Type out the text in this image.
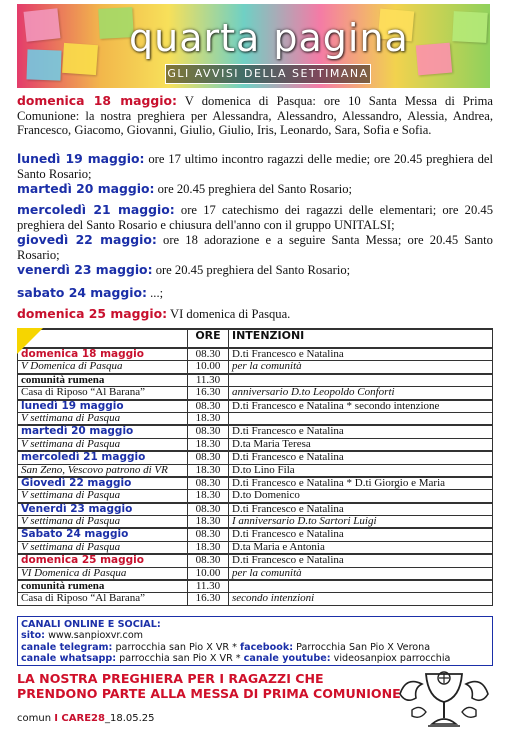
quarta pagina
GLI AVVISI DELLA SETTIMANA
domenica 18 maggio: V domenica di Pasqua: ore 10 Santa Messa di Prima Comunione: la nostra preghiera per Alessandra, Alessandro, Alessandro, Alessia, Andrea, Francesco, Giacomo, Giovanni, Giulio, Giulio, Iris, Leonardo, Sara, Sofia e Sofia.
lunedì 19 maggio: ore 17 ultimo incontro ragazzi delle medie; ore 20.45 preghiera del Santo Rosario;
martedì 20 maggio: ore 20.45 preghiera del Santo Rosario;
mercoledì 21 maggio: ore 17 catechismo dei ragazzi delle elementari; ore 20.45 preghiera del Santo Rosario e chiusura dell'anno con il gruppo UNITALSI;
giovedì 22 maggio: ore 18 adorazione e a seguire Santa Messa; ore 20.45 Santo Rosario;
venerdì 23 maggio: ore 20.45 preghiera del Santo Rosario;
sabato 24 maggio: ...;
domenica 25 maggio: VI domenica di Pasqua.
	ORE	INTENZIONI
domenica 18 maggio	08.30	D.ti Francesco e Natalina
V Domenica di Pasqua	10.00	per la comunità
comunità rumena	11.30	
Casa di Riposo “Al Barana”	16.30	anniversario D.to Leopoldo Conforti
lunedì 19 maggio	08.30	D.ti Francesco e Natalina * secondo intenzione
V settimana di Pasqua	18.30	
martedì 20 maggio	08.30	D.ti Francesco e Natalina
V settimana di Pasqua	18.30	D.ta Maria Teresa
mercoledì 21 maggio	08.30	D.ti Francesco e Natalina
San Zeno, Vescovo patrono di VR	18.30	D.to Lino Fila
Giovedì 22 maggio	08.30	D.ti Francesco e Natalina * D.ti Giorgio e Maria
V settimana di Pasqua	18.30	D.to Domenico
Venerdì 23 maggio	08.30	D.ti Francesco e Natalina
V settimana di Pasqua	18.30	I anniversario D.to Sartori Luigi
Sabato 24 maggio	08.30	D.ti Francesco e Natalina
V settimana di Pasqua	18.30	D.ta Maria e Antonia
domenica 25 maggio	08.30	D.ti Francesco e Natalina
VI Domenica di Pasqua	10.00	per la comunità
comunità rumena	11.30	
Casa di Riposo “Al Barana”	16.30	secondo intenzioni
CANALI ONLINE E SOCIAL:
sito: www.sanpioxvr.com
canale telegram: parrocchia san Pio X VR * facebook: Parrocchia San Pio X Verona
canale whatsapp: parrocchia san Pio X VR * canale youtube: videosanpiox parrocchia
LA NOSTRA PREGHIERA PER I RAGAZZI CHE
PRENDONO PARTE ALLA MESSA DI PRIMA COMUNIONE
comun I CARE28_18.05.25
